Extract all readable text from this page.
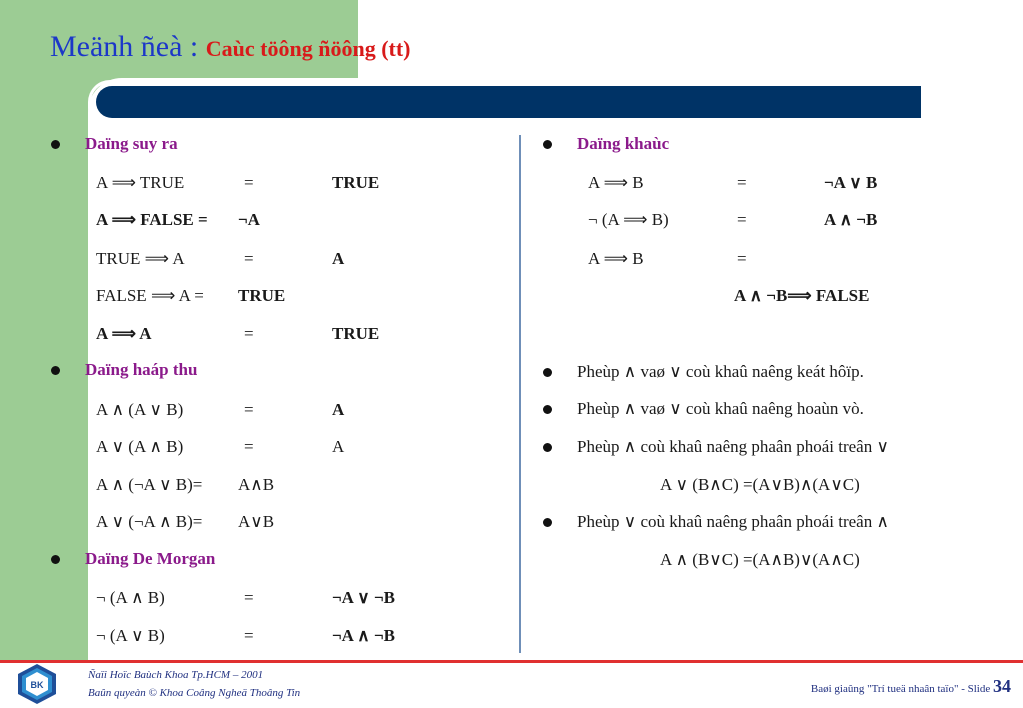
Meänh ñeà : Caùc töông ñöông (tt)
Daïng suy ra
A ⟹ TRUE	=	TRUE
A ⟹ FALSE = ¬A
TRUE ⟹ A	=	A
FALSE ⟹ A = TRUE
A ⟹ A	=	TRUE
Daïng haáp thu
A ∧ (A ∨ B)	=	A
A ∨ (A ∧ B)	=	A
A ∧ (¬A ∨ B)= A∧B
A ∨ (¬A ∧ B)= A∨B
Daïng De Morgan
¬ (A ∧ B)	=	¬A ∨ ¬B
¬ (A ∨ B)	=	¬A ∧ ¬B
Daïng khaùc
A ⟹ B	=	¬A ∨ B
¬ (A ⟹ B)	=	A ∧ ¬B
A ⟹ B	=
A ∧ ¬B⟹ FALSE
Pheùp ∧ vaø ∨ coù khaû naêng keát hôïp.
Pheùp ∧ vaø ∨ coù khaû naêng hoaùn vò.
Pheùp ∧ coù khaû naêng phaân phoái treân ∨
A ∨ (B∧C) =(A∨B)∧(A∨C)
Pheùp ∨ coù khaû naêng phaân phoái treân ∧
A ∧ (B∨C) =(A∧B)∨(A∧C)
BK
Ñaïi Hoïc Baùch Khoa Tp.HCM – 2001
Baûn quyeàn © Khoa Coâng Ngheä Thoâng Tin	Baøi giaûng "Trí tueä nhaân taïo" - Slide 34
